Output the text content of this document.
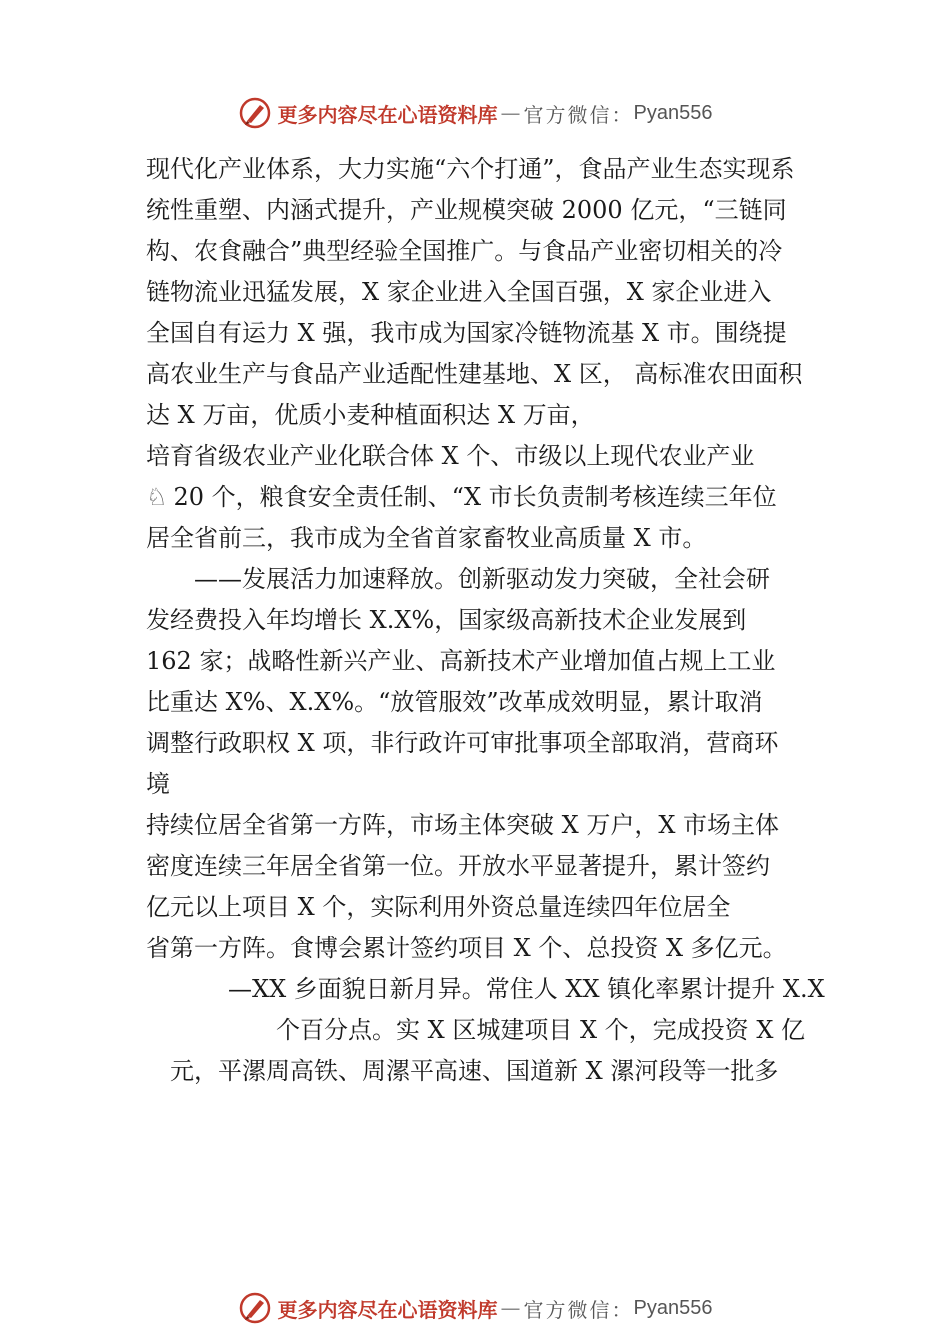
更多内容尽在心语资料库 — 官方微信： Pyan556
现代化产业体系，大力实施“六个打通”，食品产业生态实现系
统性重塑、内涵式提升，产业规模突破 2000 亿元，“三链同
构、农食融合”典型经验全国推广。与食品产业密切相关的冷
链物流业迅猛发展，X 家企业进入全国百强，X 家企业进入
全国自有运力 X 强，我市成为国家冷链物流基 X 市。围绕提
高农业生产与食品产业适配性建基地、X 区， 高标准农田面积
达 X 万亩，优质小麦种植面积达 X 万亩，
培育省级农业产业化联合体 X 个、市级以上现代农业产业
♘ 20 个，粮食安全责任制、“X 市长负责制考核连续三年位
居全省前三，我市成为全省首家畜牧业高质量 X 市。
——发展活力加速释放。创新驱动发力突破，全社会研
发经费投入年均增长 X.X%，国家级高新技术企业发展到
162 家；战略性新兴产业、高新技术产业增加值占规上工业
比重达 X%、X.X%。“放管服效”改革成效明显，累计取消
调整行政职权 X 项，非行政许可审批事项全部取消，营商环
境
持续位居全省第一方阵，市场主体突破 X 万户，X 市场主体
密度连续三年居全省第一位。开放水平显著提升，累计签约
亿元以上项目 X 个，实际利用外资总量连续四年位居全
省第一方阵。食博会累计签约项目 X 个、总投资 X 多亿元。
—XX 乡面貌日新月异。常住人 XX 镇化率累计提升 X.X
个百分点。实 X 区城建项目 X 个，完成投资 X 亿
元，平漯周高铁、周漯平高速、国道新 X 漯河段等一批多
更多内容尽在心语资料库 — 官方微信： Pyan556
